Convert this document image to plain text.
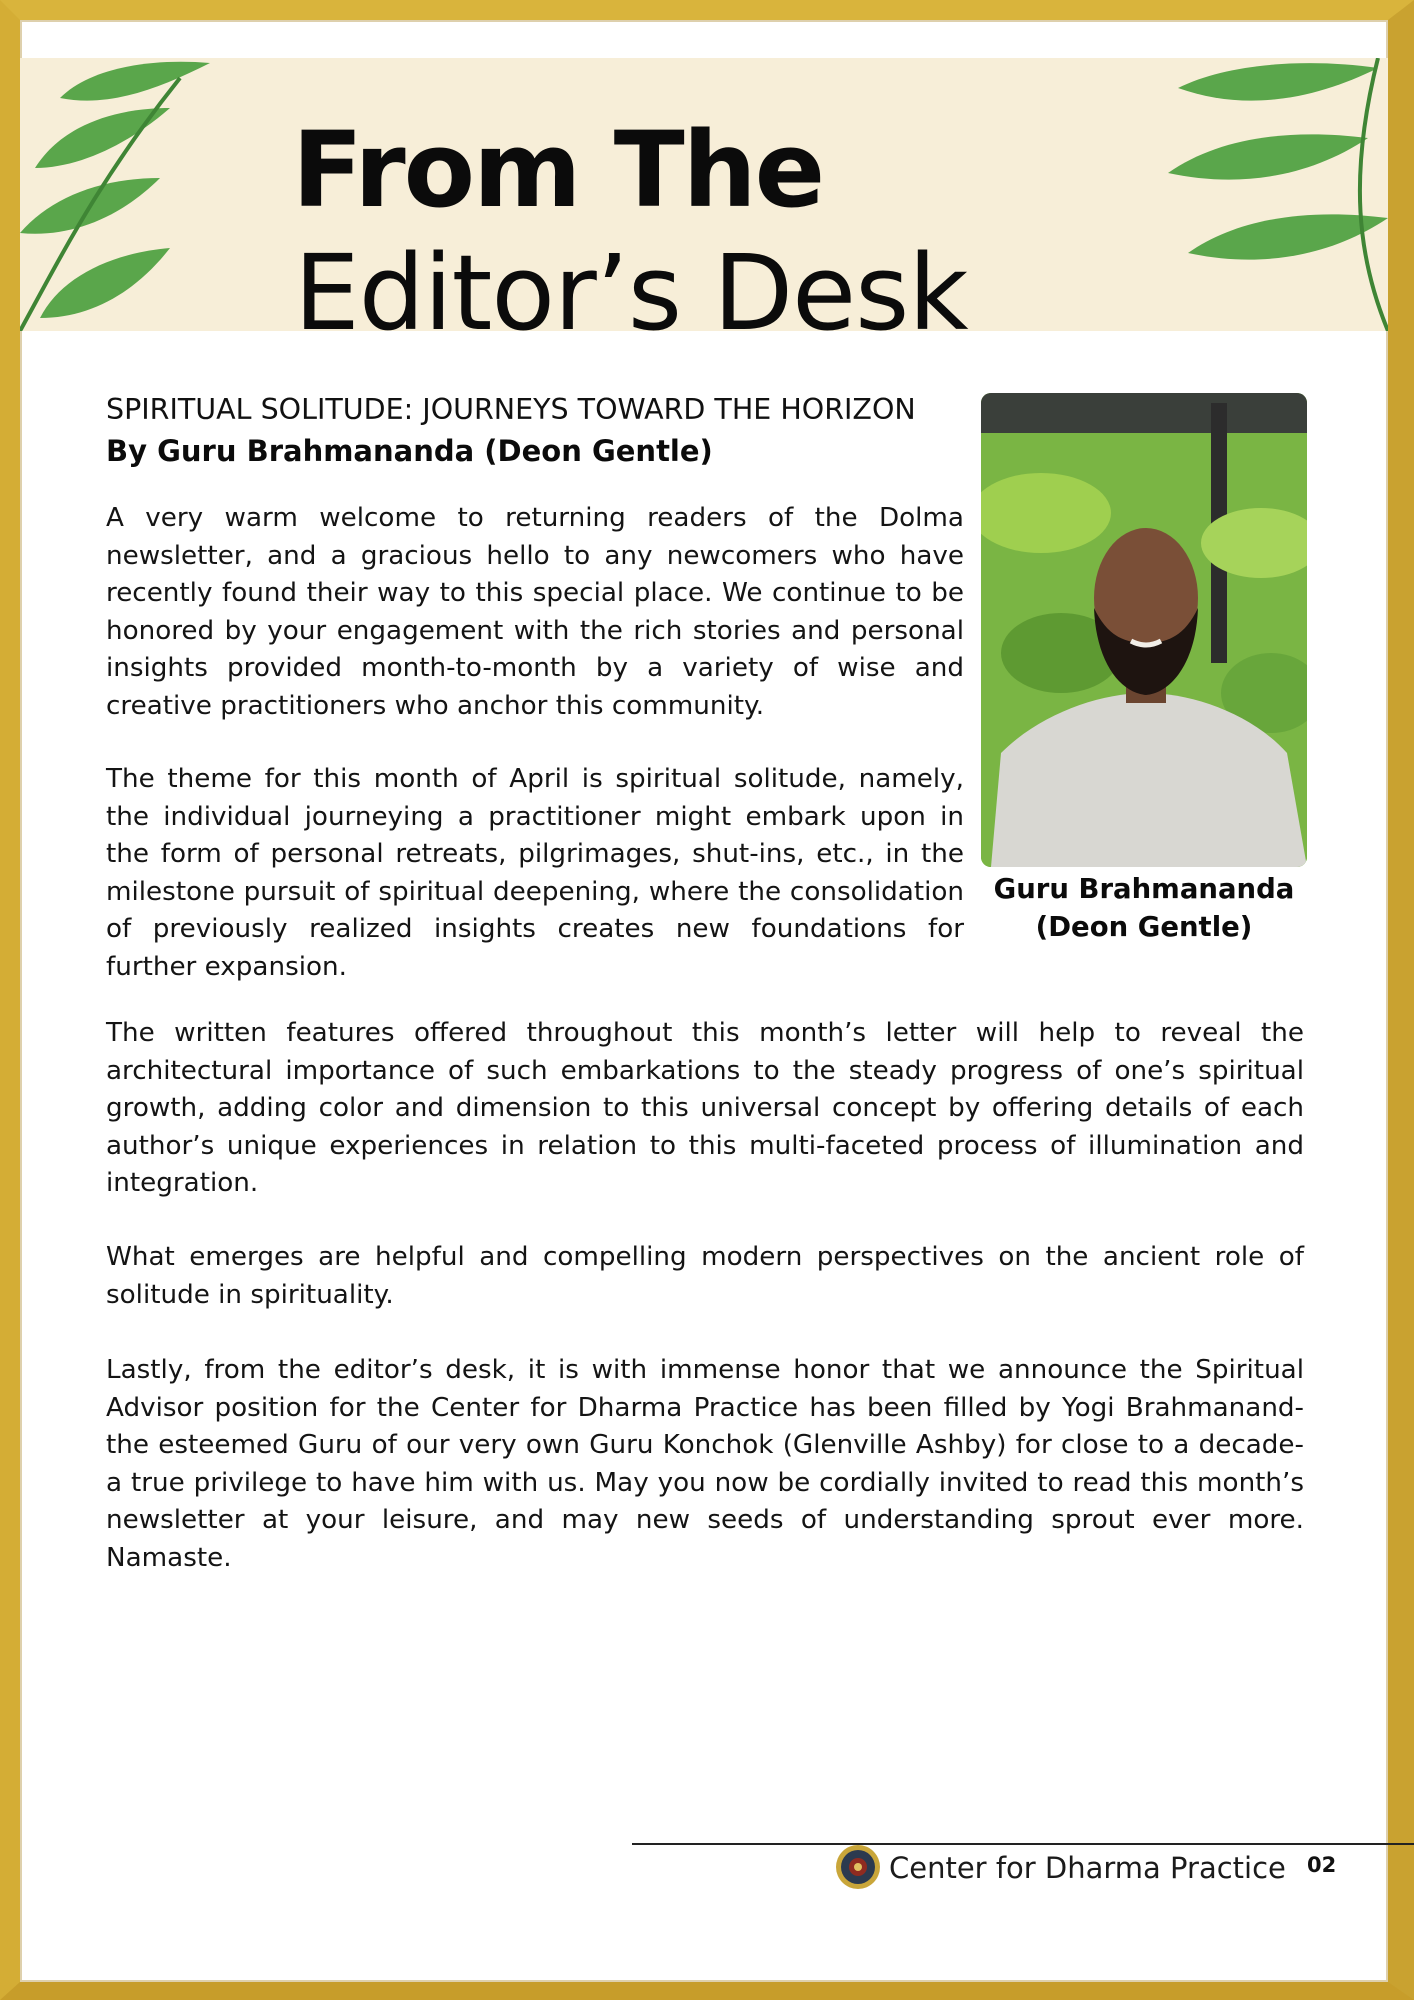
From The
Editor’s Desk
SPIRITUAL SOLITUDE: JOURNEYS TOWARD THE HORIZON
By Guru Brahmananda (Deon Gentle)

A very warm welcome to returning readers of the Dolma newsletter, and a gracious hello to any newcomers who have recently found their way to this special place. We continue to be honored by your engagement with the rich stories and personal insights provided month-to-month by a variety of wise and creative practitioners who anchor this community.

The theme for this month of April is spiritual solitude, namely, the individual journeying a practitioner might embark upon in the form of personal retreats, pilgrimages, shut-ins, etc., in the milestone pursuit of spiritual deepening, where the consolidation of previously realized insights creates new foundations for further expansion.

The written features offered throughout this month’s letter will help to reveal the architectural importance of such embarkations to the steady progress of one’s spiritual growth, adding color and dimension to this universal concept by offering details of each author’s unique experiences in relation to this multi-faceted process of illumination and integration.

What emerges are helpful and compelling modern perspectives on the ancient role of solitude in spirituality.

Lastly, from the editor’s desk, it is with immense honor that we announce the Spiritual Advisor position for the Center for Dharma Practice has been filled by Yogi Brahmanand-the esteemed Guru of our very own Guru Konchok (Glenville Ashby) for close to a decade-a true privilege to have him with us. May you now be cordially invited to read this month’s newsletter at your leisure, and may new seeds of understanding sprout ever more. Namaste.

Guru Brahmananda
(Deon Gentle)
Center for Dharma Practice 02
